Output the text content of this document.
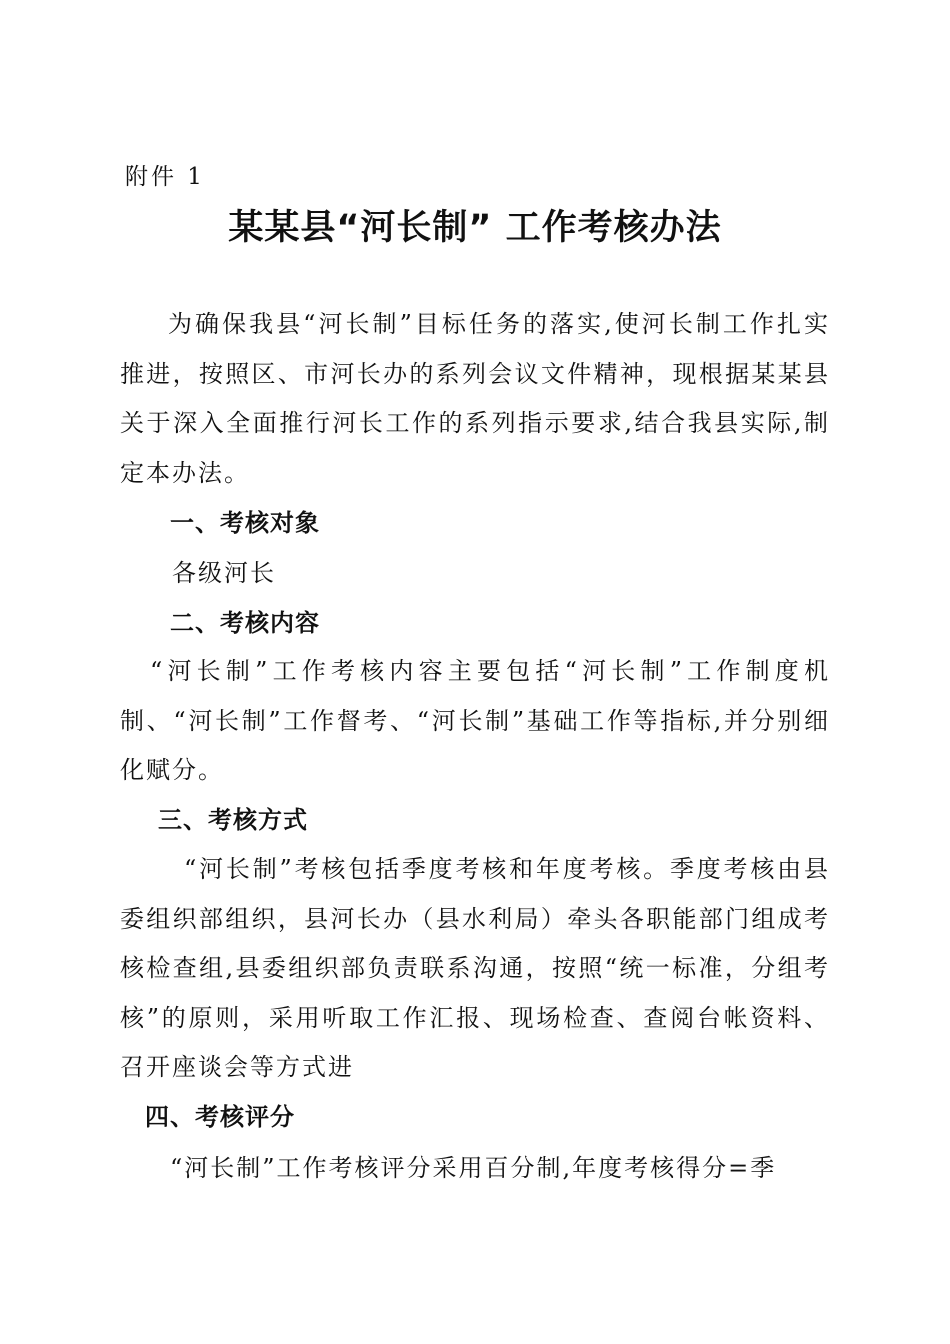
附件 1
某某县“河长制” 工作考核办法
为确保我县“河长制”目标任务的落实,使河长制工作扎实推进，按照区、市河长办的系列会议文件精神，现根据某某县关于深入全面推行河长工作的系列指示要求,结合我县实际,制定本办法。
一、考核对象
各级河长
二、考核内容
“河长制”工作考核内容主要包括“河长制”工作制度机制、“河长制”工作督考、“河长制”基础工作等指标,并分别细化赋分。
三、考核方式
“河长制”考核包括季度考核和年度考核。季度考核由县委组织部组织，县河长办（县水利局）牵头各职能部门组成考核检查组,县委组织部负责联系沟通，按照“统一标准，分组考核”的原则，采用听取工作汇报、现场检查、查阅台帐资料、召开座谈会等方式进
四、考核评分
“河长制”工作考核评分采用百分制,年度考核得分=季
